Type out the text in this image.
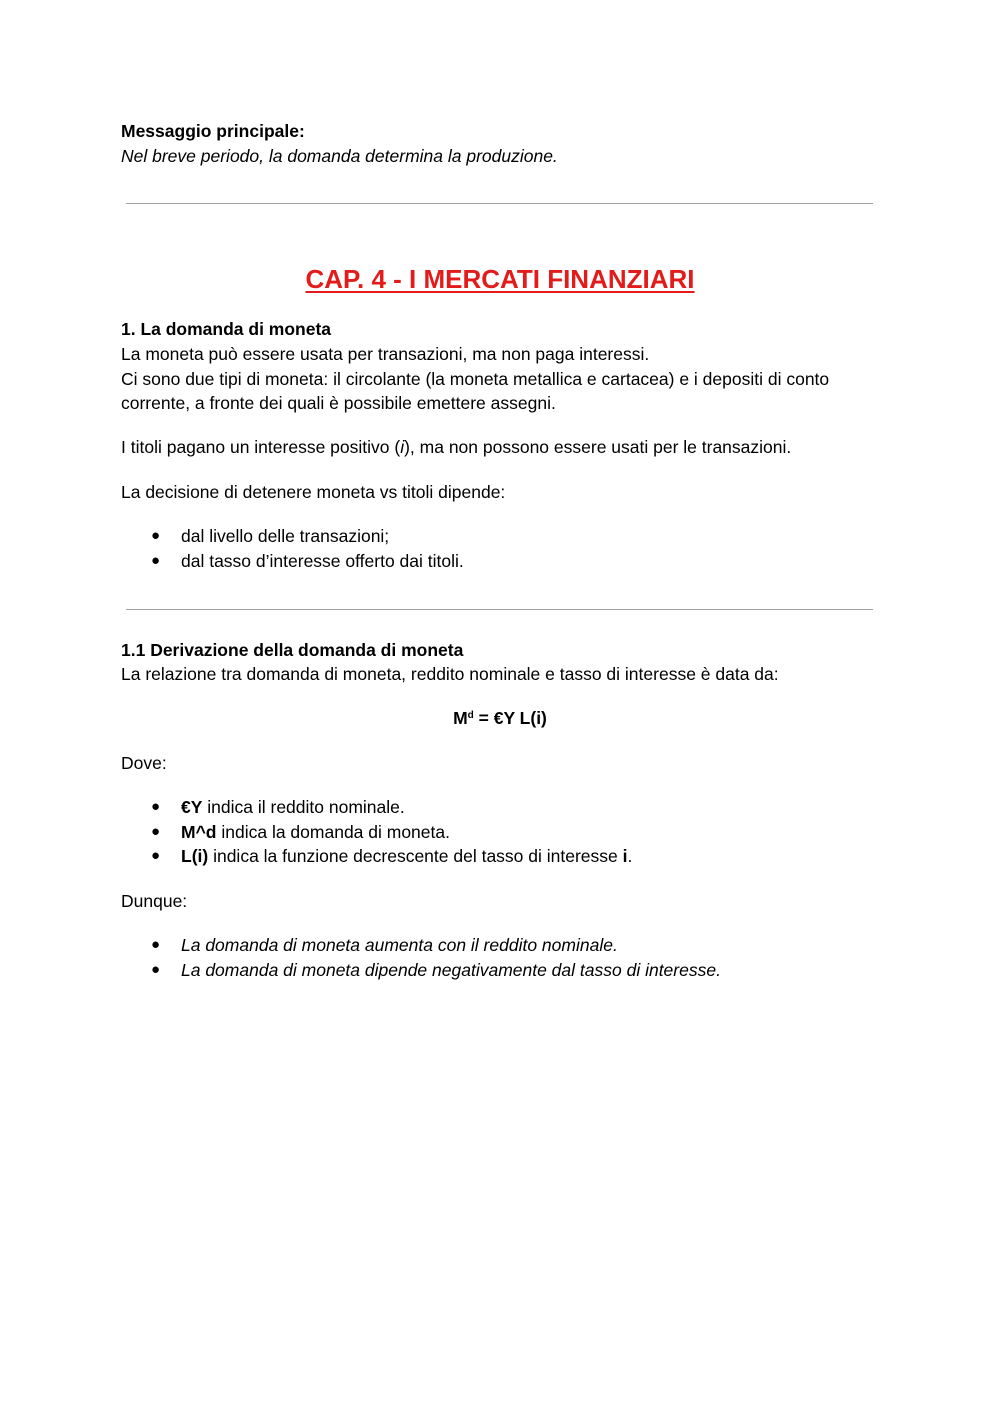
Messaggio principale:
Nel breve periodo, la domanda determina la produzione.
CAP. 4 - I MERCATI FINANZIARI
1. La domanda di moneta
La moneta può essere usata per transazioni, ma non paga interessi.
Ci sono due tipi di moneta: il circolante (la moneta metallica e cartacea) e i depositi di conto
corrente, a fronte dei quali è possibile emettere assegni.
I titoli pagano un interesse positivo (i), ma non possono essere usati per le transazioni.
La decisione di detenere moneta vs titoli dipende:
● dal livello delle transazioni;
● dal tasso d’interesse offerto dai titoli.
1.1 Derivazione della domanda di moneta
La relazione tra domanda di moneta, reddito nominale e tasso di interesse è data da:
$M^d$ = €Y L(i)
Dove:
● €Y indica il reddito nominale.
● M^d indica la domanda di moneta.
● L(i) indica la funzione decrescente del tasso di interesse i.
Dunque:
● La domanda di moneta aumenta con il reddito nominale.
● La domanda di moneta dipende negativamente dal tasso di interesse.
